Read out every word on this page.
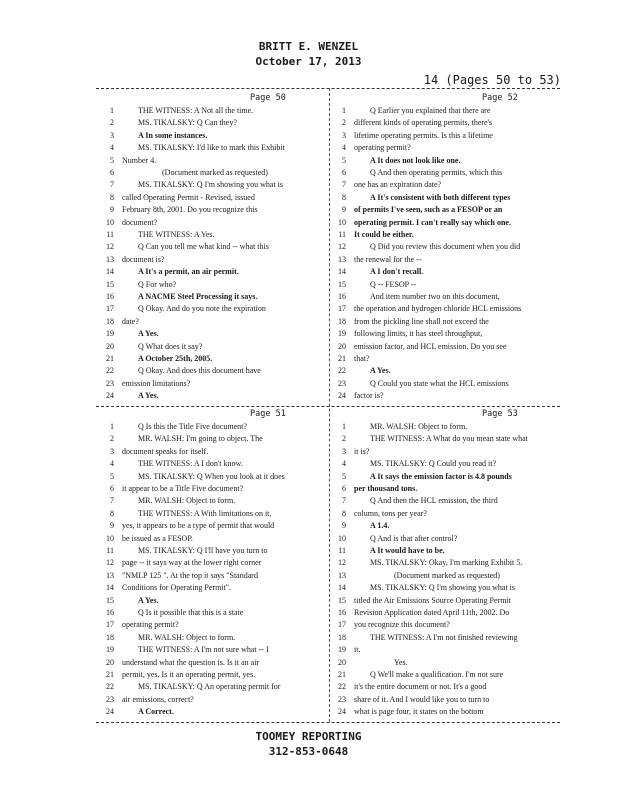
BRITT E. WENZEL
October 17, 2013
14 (Pages 50 to 53)
Page 50
1	THE WITNESS: A Not all the time.
2	MS. TIKALSKY: Q Can they?
3	A In some instances.
4	MS. TIKALSKY: I'd like to mark this Exhibit
5 Number 4.
6	(Document marked as requested)
7	MS. TIKALSKY: Q I'm showing you what is
8 called Operating Permit - Revised, issued
9 February 8th, 2001. Do you recognize this
10 document?
11	THE WITNESS: A Yes.
12	Q Can you tell me what kind -- what this
13 document is?
14	A It's a permit, an air permit.
15	Q For who?
16	A NACME Steel Processing it says.
17	Q Okay. And do you note the expiration
18 date?
19	A Yes.
20	Q What does it say?
21	A October 25th, 2005.
22	Q Okay. And does this document have
23 emission limitations?
24	A Yes.
Page 51
1	Q Is this the Title Five document?
2	MR. WALSH: I'm going to object. The
3 document speaks for itself.
4	THE WITNESS: A I don't know.
5	MS. TIKALSKY: Q When you look at it does
6 it appear to be a Title Five document?
7	MR. WALSH: Object to form.
8	THE WITNESS: A With limitations on it,
9 yes, it appears to be a type of permit that would
10 be issued as a FESOP.
11	MS. TIKALSKY: Q I'll have you turn to
12 page -- it says way at the lower right corner
13 "NMLP 125 ". At the top it says "Standard
14 Conditions for Operating Permit".
15	A Yes.
16	Q Is it possible that this is a state
17 operating permit?
18	MR. WALSH: Object to form.
19	THE WITNESS: A I'm not sure what -- I
20 understand what the question is. Is it an air
21 permit, yes. Is it an operating permit, yes.
22	MS. TIKALSKY: Q An operating permit for
23 air emissions, correct?
24	A Correct.
Page 52
1	Q Earlier you explained that there are
2 different kinds of operating permits, there's
3 lifetime operating permits. Is this a lifetime
4 operating permit?
5	A It does not look like one.
6	Q And then operating permits, which this
7 one has an expiration date?
8	A It's consistent with both different types
9 of permits I've seen, such as a FESOP or an
10 operating permit. I can't really say which one.
11 It could be either.
12	Q Did you review this document when you did
13 the renewal for the --
14	A I don't recall.
15	Q -- FESOP --
16	And item number two on this document,
17 the operation and hydrogen chloride HCL emissions
18 from the pickling line shall not exceed the
19 following limits, it has steel throughput,
20 emission factor, and HCL emission. Do you see
21 that?
22	A Yes.
23	Q Could you state what the HCL emissions
24 factor is?
Page 53
1	MR. WALSH: Object to form.
2	THE WITNESS: A What do you mean state what
3 it is?
4	MS. TIKALSKY: Q Could you read it?
5	A It says the emission factor is 4.8 pounds
6 per thousand tons.
7	Q And then the HCL emission, the third
8 column, tons per year?
9	A 1.4.
10	Q And is that after control?
11	A It would have to be.
12	MS. TIKALSKY: Okay, I'm marking Exhibit 5.
13	(Document marked as requested)
14	MS. TIKALSKY: Q I'm showing you what is
15 titled the Air Emissions Source Operating Permit
16 Revision Application dated April 11th, 2002. Do
17 you recognize this document?
18	THE WITNESS: A I'm not finished reviewing
19 it.
20	Yes.
21	Q We'll make a qualification. I'm not sure
22 it's the entire document or not. It's a good
23 share of it. And I would like you to turn to
24 what is page four, it states on the bottom
TOOMEY REPORTING
312-853-0648
